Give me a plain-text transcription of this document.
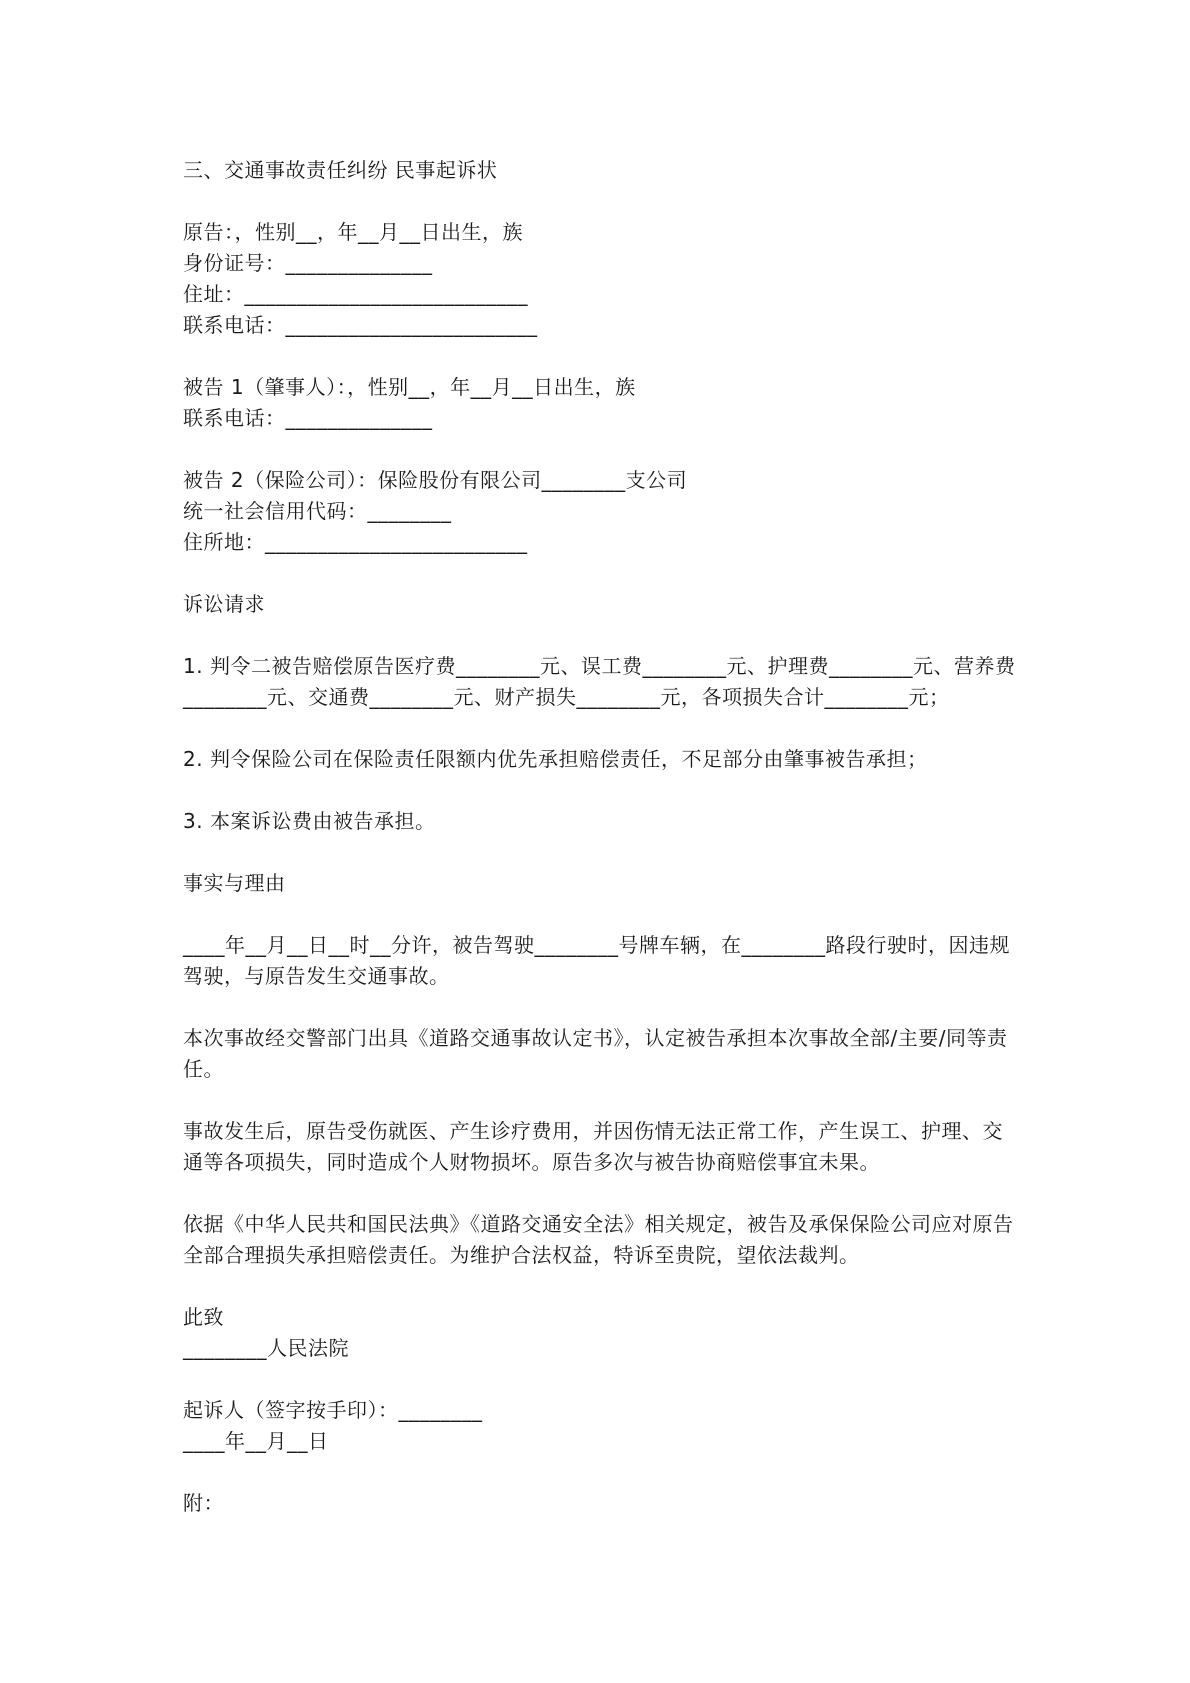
三、交通事故责任纠纷 民事起诉状
原告：，性别__，年__月__日出生，族
身份证号：______________
住址：___________________________
联系电话：________________________
被告 1（肇事人）：，性别__，年__月__日出生，族
联系电话：______________
被告 2（保险公司）：保险股份有限公司________支公司
统一社会信用代码：________
住所地：_________________________
诉讼请求
1. 判令二被告赔偿原告医疗费________元、误工费________元、护理费________元、营养费________元、交通费________元、财产损失________元，各项损失合计________元；
2. 判令保险公司在保险责任限额内优先承担赔偿责任，不足部分由肇事被告承担；
3. 本案诉讼费由被告承担。
事实与理由
____年__月__日__时__分许，被告驾驶________号牌车辆，在________路段行驶时，因违规驾驶，与原告发生交通事故。
本次事故经交警部门出具《道路交通事故认定书》，认定被告承担本次事故全部/主要/同等责任。
事故发生后，原告受伤就医、产生诊疗费用，并因伤情无法正常工作，产生误工、护理、交通等各项损失，同时造成个人财物损坏。原告多次与被告协商赔偿事宜未果。
依据《中华人民共和国民法典》《道路交通安全法》相关规定，被告及承保保险公司应对原告全部合理损失承担赔偿责任。为维护合法权益，特诉至贵院，望依法裁判。
此致
________人民法院
起诉人（签字按手印）：________
____年__月__日
附：
